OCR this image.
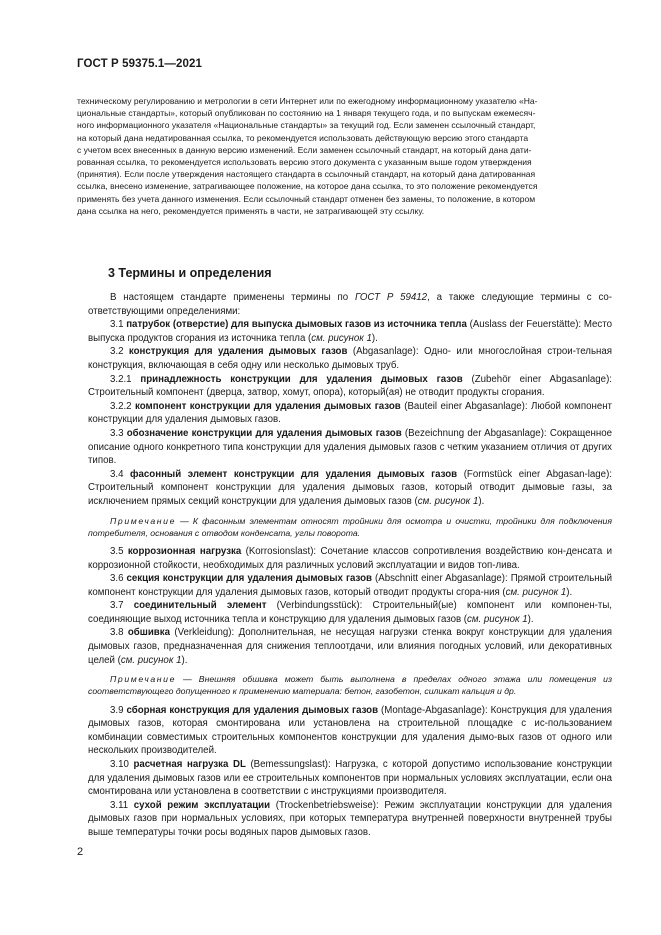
ГОСТ Р 59375.1—2021

техническому регулированию и метрологии в сети Интернет или по ежегодному информационному указателю «На-

циональные стандарты», который опубликован по состоянию на 1 января текущего года, и по выпускам ежемесяч-

ного информационного указателя «Национальные стандарты» за текущий год. Если заменен ссылочный стандарт,

на который дана недатированная ссылка, то рекомендуется использовать действующую версию этого стандарта

с учетом всех внесенных в данную версию изменений. Если заменен ссылочный стандарт, на который дана дати-

рованная ссылка, то рекомендуется использовать версию этого документа с указанным выше годом утверждения

(принятия). Если после утверждения настоящего стандарта в ссылочный стандарт, на который дана датированная

ссылка, внесено изменение, затрагивающее положение, на которое дана ссылка, то это положение рекомендуется

применять без учета данного изменения. Если ссылочный стандарт отменен без замены, то положение, в котором

дана ссылка на него, рекомендуется применять в части, не затрагивающей эту ссылку.

3 Термины и определения

В настоящем стандарте применены термины по ГОСТ Р 59412, а также следующие термины с со-ответствующими определениями:

3.1 патрубок (отверстие) для выпуска дымовых газов из источника тепла (Auslass der Feuerstätte): Место выпуска продуктов сгорания из источника тепла (см. рисунок 1).

3.2 конструкция для удаления дымовых газов (Abgasanlage): Одно- или многослойная строи-тельная конструкция, включающая в себя одну или несколько дымовых труб.

3.2.1 принадлежность конструкции для удаления дымовых газов (Zubehör einer Abgasanlage): Строительный компонент (дверца, затвор, хомут, опора), который(ая) не отводит продукты сгорания.

3.2.2 компонент конструкции для удаления дымовых газов (Bauteil einer Abgasanlage): Любой компонент конструкции для удаления дымовых газов.

3.3 обозначение конструкции для удаления дымовых газов (Bezeichnung der Abgasanlage): Сокращенное описание одного конкретного типа конструкции для удаления дымовых газов с четким указанием отличия от других типов.

3.4 фасонный элемент конструкции для удаления дымовых газов (Formstück einer Abgasan-lage): Строительный компонент конструкции для удаления дымовых газов, который отводит дымовые газы, за исключением прямых секций конструкции для удаления дымовых газов (см. рисунок 1).

Примечание — К фасонным элементам относят тройники для осмотра и очистки, тройники для подключения потребителя, основания с отводом конденсата, углы поворота.

3.5 коррозионная нагрузка (Korrosionslast): Сочетание классов сопротивления воздействию кон-денсата и коррозионной стойкости, необходимых для различных условий эксплуатации и видов топ-лива.

3.6 секция конструкции для удаления дымовых газов (Abschnitt einer Abgasanlage): Прямой строительный компонент конструкции для удаления дымовых газов, который отводит продукты сгора-ния (см. рисунок 1).

3.7 соединительный элемент (Verbindungsstück): Строительный(ые) компонент или компонен-ты, соединяющие выход источника тепла и конструкцию для удаления дымовых газов (см. рисунок 1).

3.8 обшивка (Verkleidung): Дополнительная, не несущая нагрузки стенка вокруг конструкции для удаления дымовых газов, предназначенная для снижения теплоотдачи, или влияния погодных условий, или декоративных целей (см. рисунок 1).

Примечание — Внешняя обшивка может быть выполнена в пределах одного этажа или помещения из соответствующего допущенного к применению материала: бетон, газобетон, силикат кальция и др.

3.9 сборная конструкция для удаления дымовых газов (Montage-Abgasanlage): Конструкция для удаления дымовых газов, которая смонтирована или установлена на строительной площадке с ис-пользованием комбинации совместимых строительных компонентов конструкции для удаления дымо-вых газов от одного или нескольких производителей.

3.10 расчетная нагрузка DL (Bemessungslast): Нагрузка, с которой допустимо использование конструкции для удаления дымовых газов или ее строительных компонентов при нормальных условиях эксплуатации, если она смонтирована или установлена в соответствии с инструкциями производителя.

3.11 сухой режим эксплуатации (Trockenbetriebsweise): Режим эксплуатации конструкции для удаления дымовых газов при нормальных условиях, при которых температура внутренней поверхности внутренней трубы выше температуры точки росы водяных паров дымовых газов.

2
